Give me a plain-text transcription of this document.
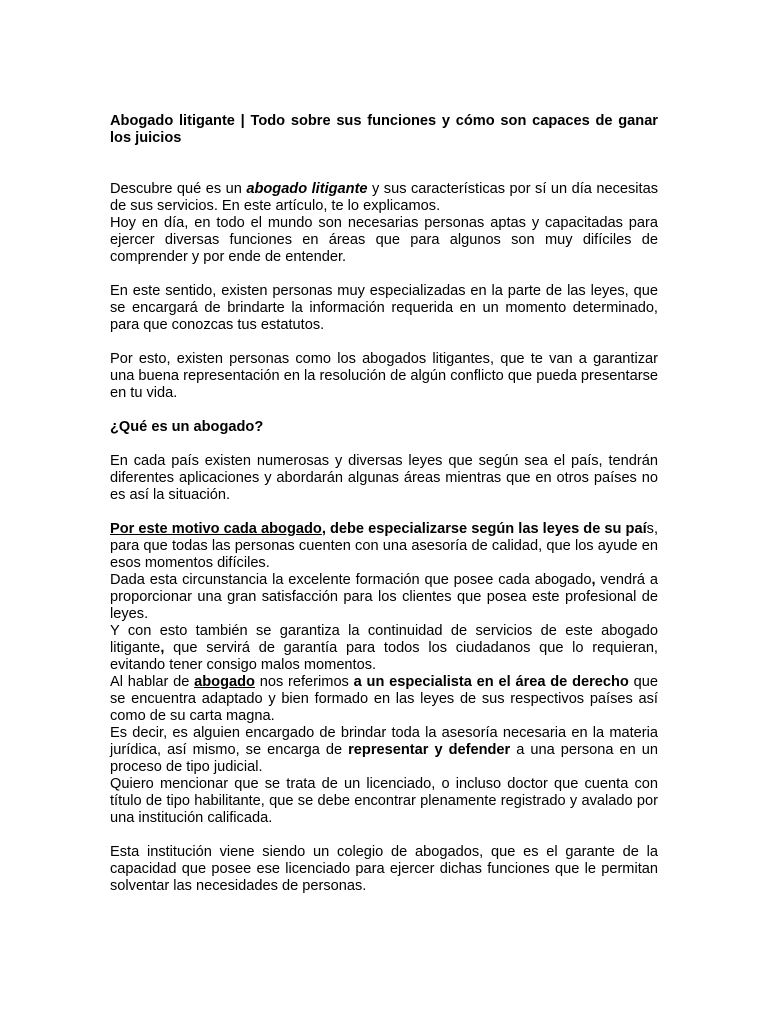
Abogado litigante | Todo sobre sus funciones y cómo son capaces de ganar los juicios

Descubre qué es un abogado litigante y sus características por sí un día necesitas de sus servicios. En este artículo, te lo explicamos.

Hoy en día, en todo el mundo son necesarias personas aptas y capacitadas para ejercer diversas funciones en áreas que para algunos son muy difíciles de comprender y por ende de entender.

En este sentido, existen personas muy especializadas en la parte de las leyes, que se encargará de brindarte la información requerida en un momento determinado, para que conozcas tus estatutos.

Por esto, existen personas como los abogados litigantes, que te van a garantizar una buena representación en la resolución de algún conflicto que pueda presentarse en tu vida.

¿Qué es un abogado?

En cada país existen numerosas y diversas leyes que según sea el país, tendrán diferentes aplicaciones y abordarán algunas áreas mientras que en otros países no es así la situación.

Por este motivo cada abogado, debe especializarse según las leyes de su país, para que todas las personas cuenten con una asesoría de calidad, que los ayude en esos momentos difíciles.

Dada esta circunstancia la excelente formación que posee cada abogado, vendrá a proporcionar una gran satisfacción para los clientes que posea este profesional de leyes.

Y con esto también se garantiza la continuidad de servicios de este abogado litigante, que servirá de garantía para todos los ciudadanos que lo requieran, evitando tener consigo malos momentos.

Al hablar de abogado nos referimos a un especialista en el área de derecho que se encuentra adaptado y bien formado en las leyes de sus respectivos países así como de su carta magna.

Es decir, es alguien encargado de brindar toda la asesoría necesaria en la materia jurídica, así mismo, se encarga de representar y defender a una persona en un proceso de tipo judicial.

Quiero mencionar que se trata de un licenciado, o incluso doctor que cuenta con título de tipo habilitante, que se debe encontrar plenamente registrado y avalado por una institución calificada.

Esta institución viene siendo un colegio de abogados, que es el garante de la capacidad que posee ese licenciado para ejercer dichas funciones que le permitan solventar las necesidades de personas.
